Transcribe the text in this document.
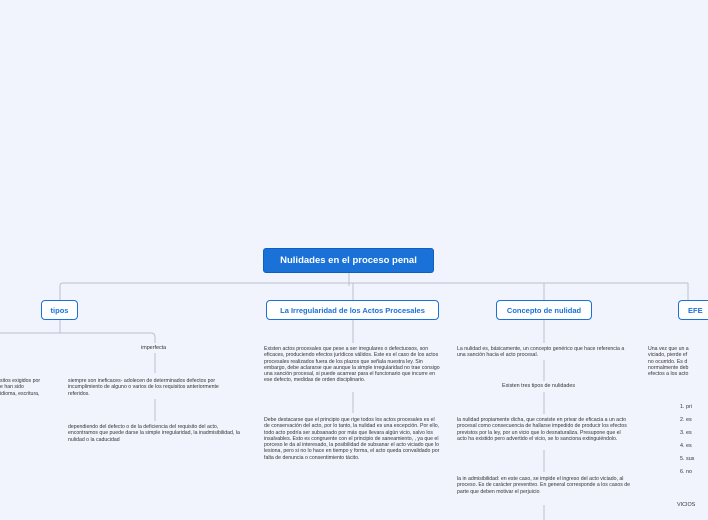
Nulidades en el proceso penal
tipos	La Irregularidad de los Actos Procesales	Concepto de nulidad	EFE
sitos exigidos por
e han sido
idioma, escritura,
imperfecta
siempre son ineficaces- adolecen de determinados defectos por incumplimiento de alguno o varios de los requisitos anteriormente referidos.
dependiendo del defecto o de la deficiencia del requisito del acto, encontramos que puede darse la simple irregularidad, la inadmisibilidad, la nulidad o la caducidad
Existen actos procesales que pese a ser irregulares o defectuosos, son eficaces, produciendo efectos jurídicos válidos. Este es el caso de los actos procesales realizados fuera de los plazos que señala nuestra ley. Sin embargo, debe aclararse que aunque la simple irregularidad no trae consigo una sanción procesal, si puede acarrear para el funcionario que incurre en ese defecto, medidas de orden disciplinario.
Debe destacarse que el principio que rige todos los actos procesales es el de conservación del acto, por lo tanto, la nulidad es una excepción. Por ello, todo acto podría ser subsanado por más que llevara algún vicio, salvo los insalvables. Esto es congruente con el principio de saneamiento, , ya que el porceso le da al interesado, la posibilidad de subsanar el acto viciado que lo lesiona, pero si no lo hace en tiempo y forma, el acto queda convalidado por falta de denuncia o consentimiento tácito.
La nulidad es, básicamente, un concepto genérico que hace referencia a una sanción hacia el acto procesal.
Existen tres tipos de nulidades
la nulidad propiamente dicha, que consiste en privar de eficacia a un acto procesal como consecuencia de hallarse impedido de producir los efectos previstos por la ley, por un vicio que lo desnaturaliza. Presupone que el acto ha existido pero advertido el vicio, se lo sanciona extinguiéndolo.
la in admisibilidad: en este caso, se impide el ingreso del acto viciado, al proceso. Es de carácter preventivo. En general corresponde a los casos de parte que deben motivar el perjuicio
Una vez que un a
viciado, pierde ef
no ocurrido. Es d
normalmente deb
efectos a los acto
1. pri
2. es
3. es
4. es
5. sus
6. no
VICIOS
